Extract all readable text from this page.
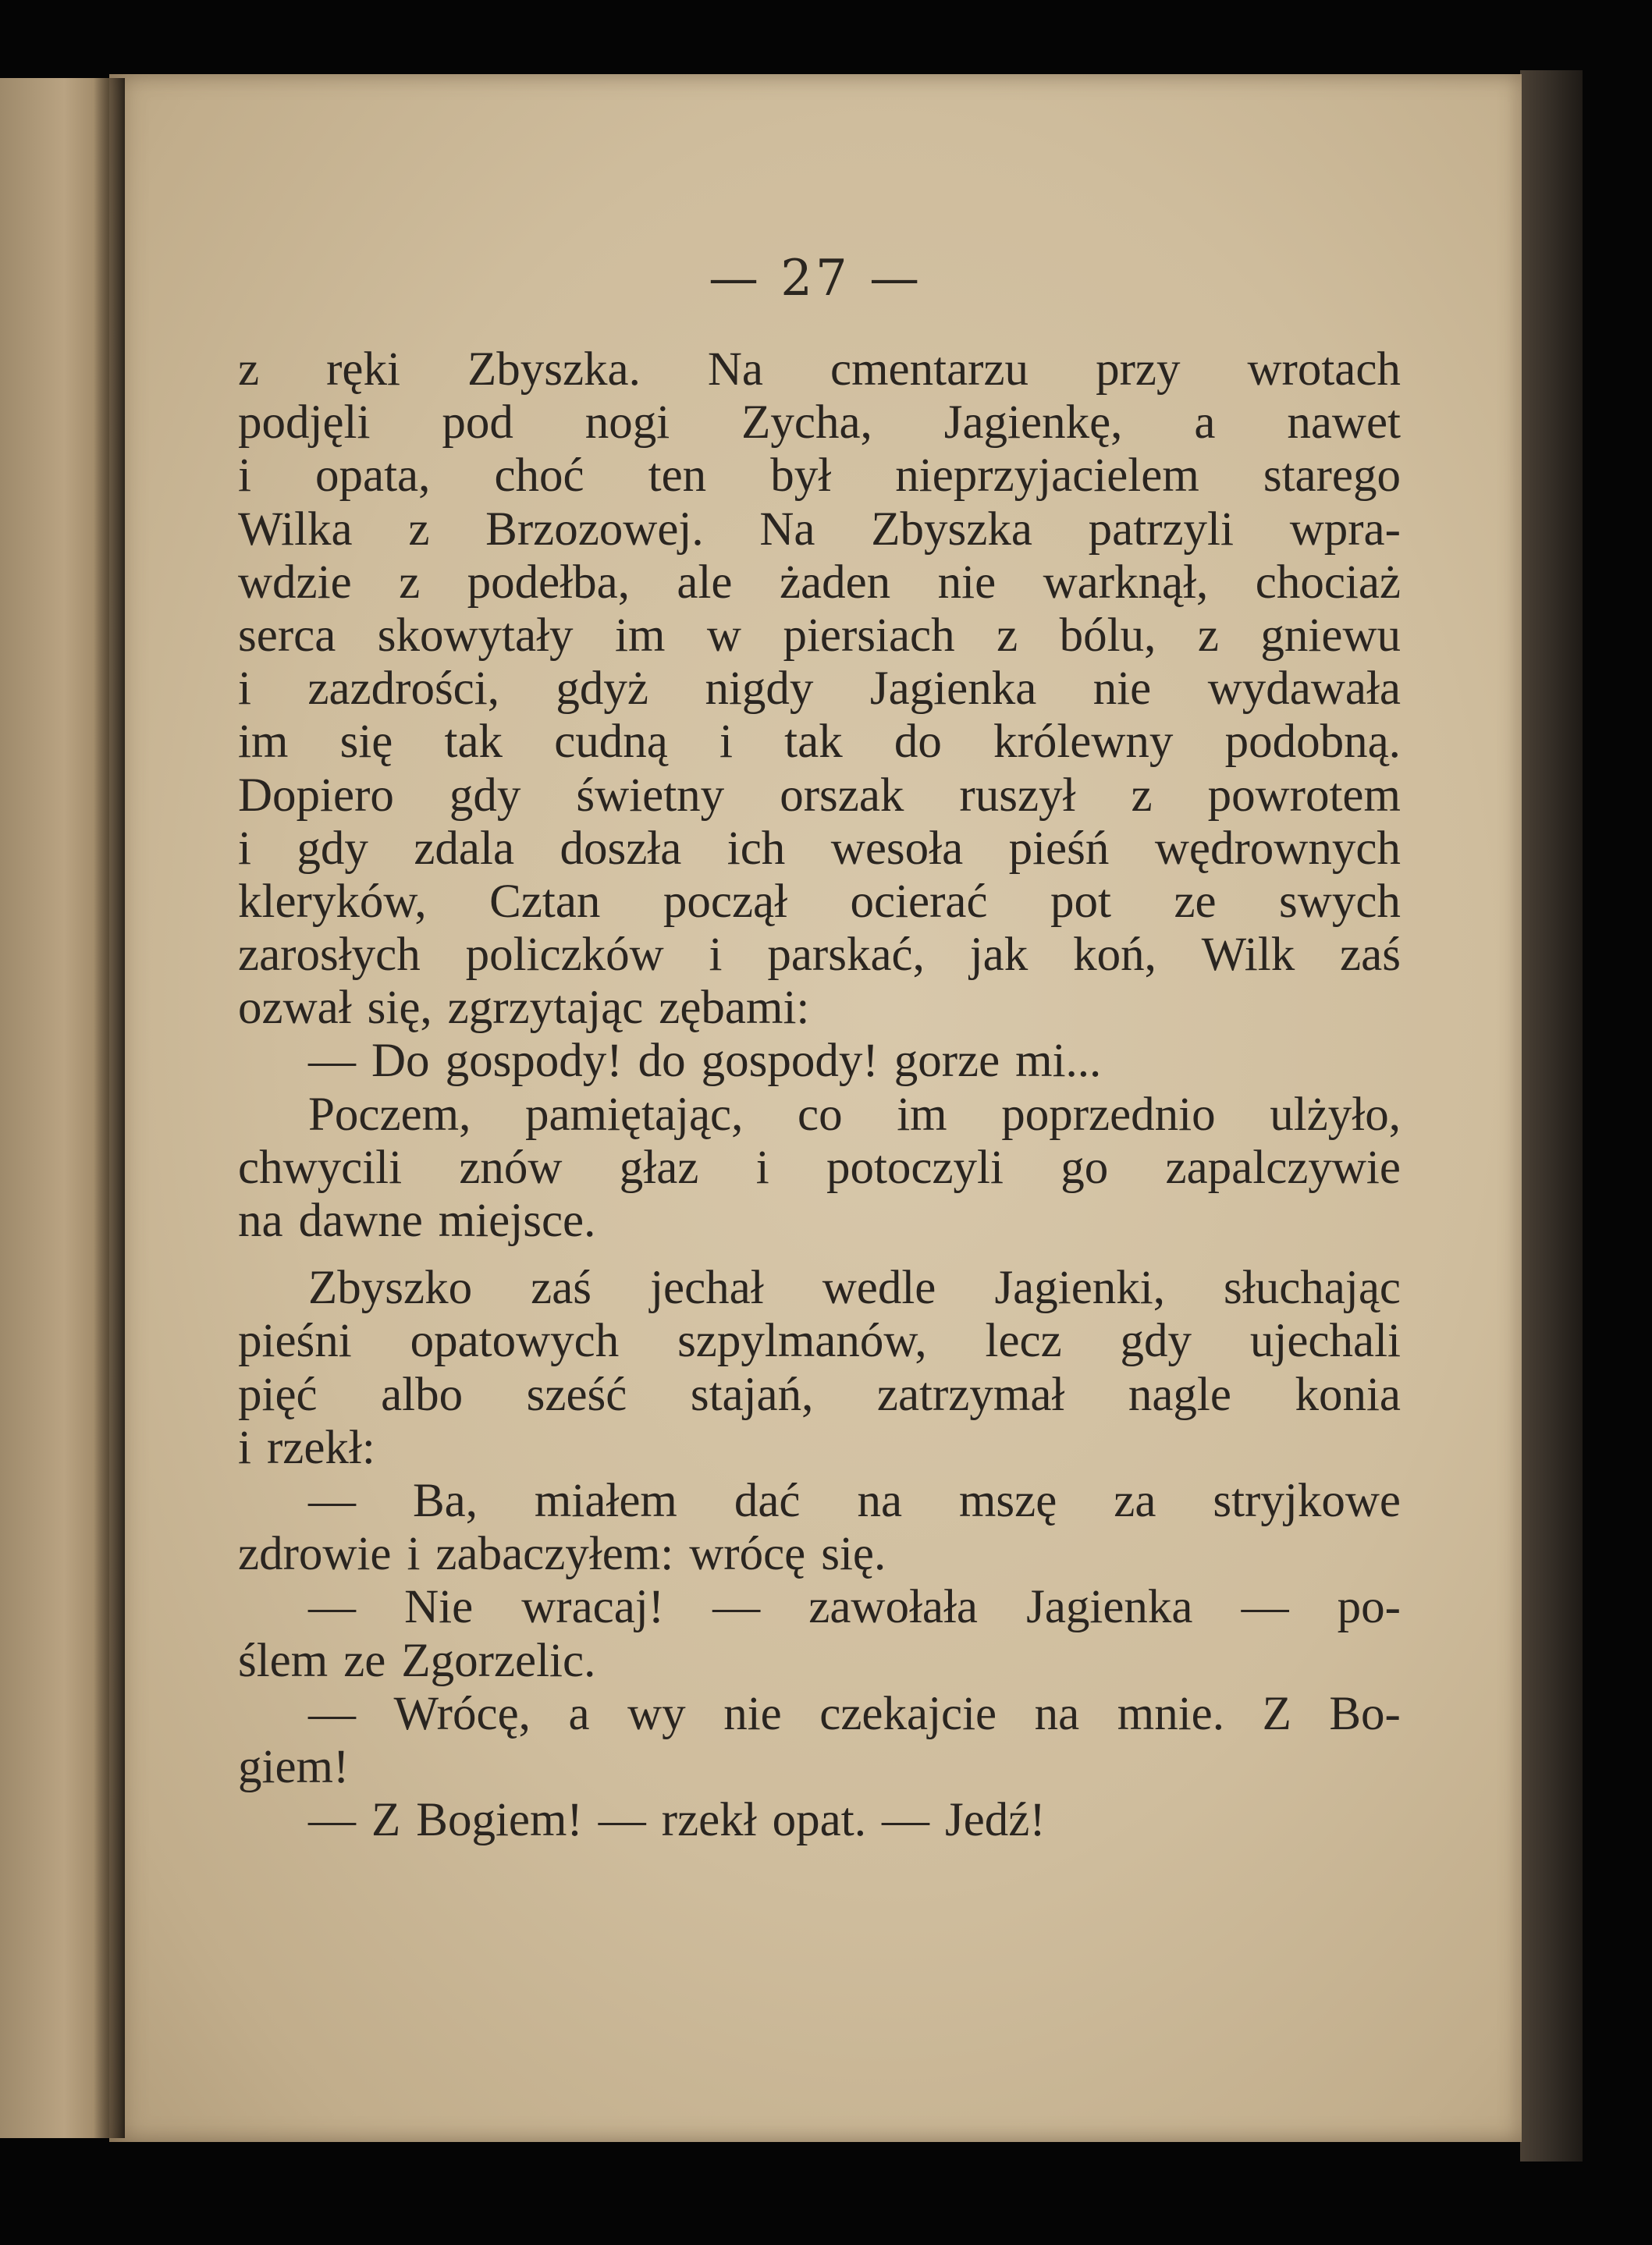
— 27 —
z ręki Zbyszka. Na cmentarzu przy wrotach
podjęli pod nogi Zycha, Jagienkę, a nawet
i opata, choć ten był nieprzyjacielem starego
Wilka z Brzozowej. Na Zbyszka patrzyli wpra-
wdzie z podełba, ale żaden nie warknął, chociaż
serca skowytały im w piersiach z bólu, z gniewu
i zazdrości, gdyż nigdy Jagienka nie wydawała
im się tak cudną i tak do królewny podobną.
Dopiero gdy świetny orszak ruszył z powrotem
i gdy zdala doszła ich wesoła pieśń wędrownych
kleryków, Cztan począł ocierać pot ze swych
zarosłych policzków i parskać, jak koń, Wilk zaś
ozwał się, zgrzytając zębami:
— Do gospody! do gospody! gorze mi...
Poczem, pamiętając, co im poprzednio ulżyło,
chwycili znów głaz i potoczyli go zapalczywie
na dawne miejsce.
Zbyszko zaś jechał wedle Jagienki, słuchając
pieśni opatowych szpylmanów, lecz gdy ujechali
pięć albo sześć stajań, zatrzymał nagle konia
i rzekł:
— Ba, miałem dać na mszę za stryjkowe
zdrowie i zabaczyłem: wrócę się.
— Nie wracaj! — zawołała Jagienka — po-
ślem ze Zgorzelic.
— Wrócę, a wy nie czekajcie na mnie. Z Bo-
giem!
— Z Bogiem! — rzekł opat. — Jedź!
